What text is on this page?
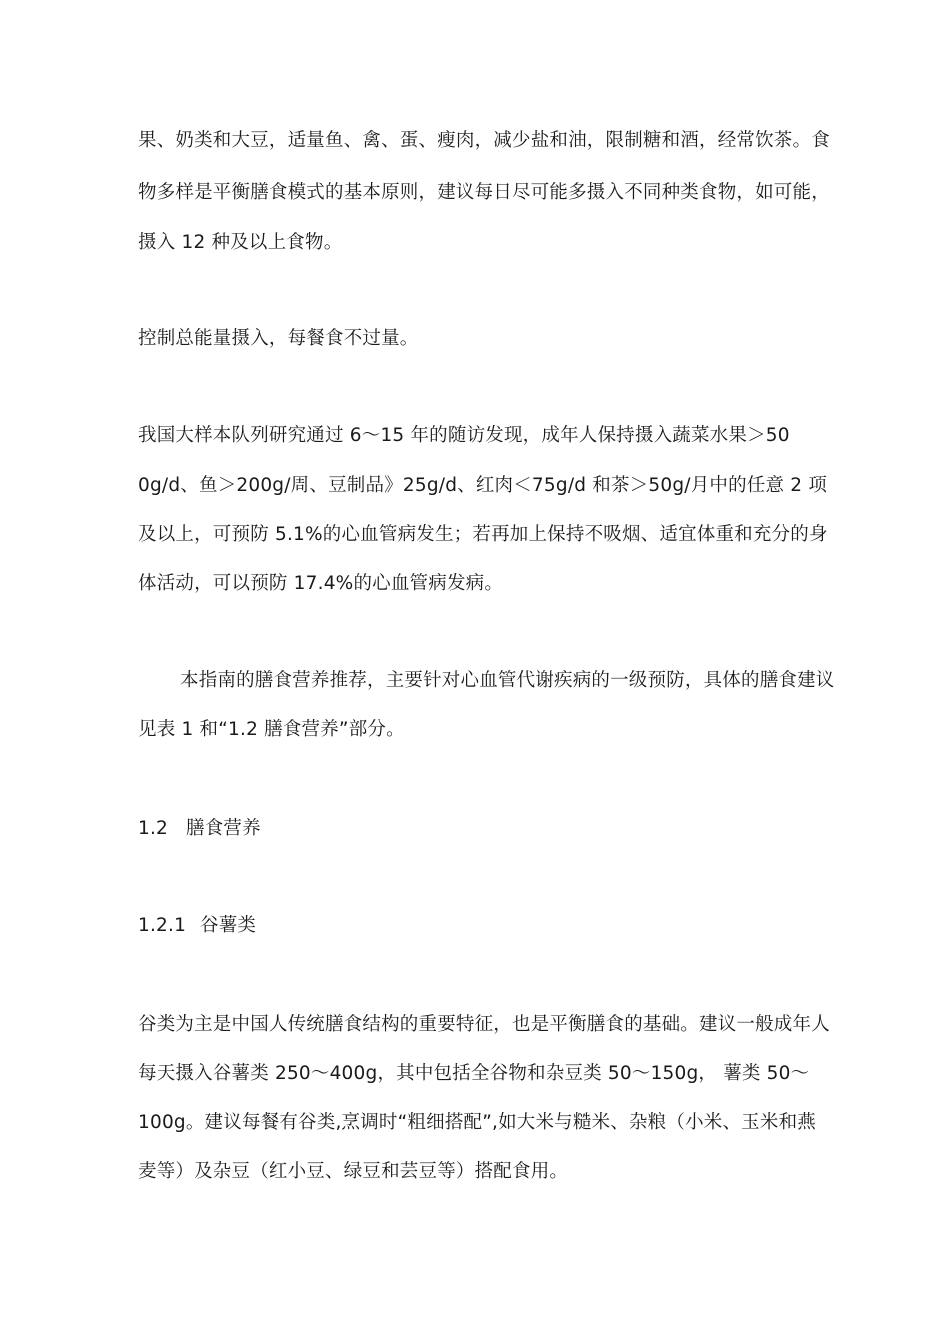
果、奶类和大豆，适量鱼、禽、蛋、瘦肉，减少盐和油，限制糖和酒，经常饮茶。食
物多样是平衡膳食模式的基本原则，建议每日尽可能多摄入不同种类食物，如可能，
摄入 12 种及以上食物。
控制总能量摄入，每餐食不过量。
我国大样本队列研究通过 6～15 年的随访发现，成年人保持摄入蔬菜水果＞50
0g/d、鱼＞200g/周、豆制品》25g/d、红肉＜75g/d 和茶＞50g/月中的任意 2 项
及以上，可预防 5.1%的心血管病发生；若再加上保持不吸烟、适宜体重和充分的身
体活动，可以预防 17.4%的心血管病发病。
本指南的膳食营养推荐，主要针对心血管代谢疾病的一级预防，具体的膳食建议
见表 1 和“1.2 膳食营养”部分。
1.2 膳食营养
1.2.1 谷薯类
谷类为主是中国人传统膳食结构的重要特征，也是平衡膳食的基础。建议一般成年人
每天摄入谷薯类 250～400g，其中包括全谷物和杂豆类 50～150g， 薯类 50～
100g。建议每餐有谷类,烹调时“粗细搭配”,如大米与糙米、杂粮（小米、玉米和燕
麦等）及杂豆（红小豆、绿豆和芸豆等）搭配食用。
